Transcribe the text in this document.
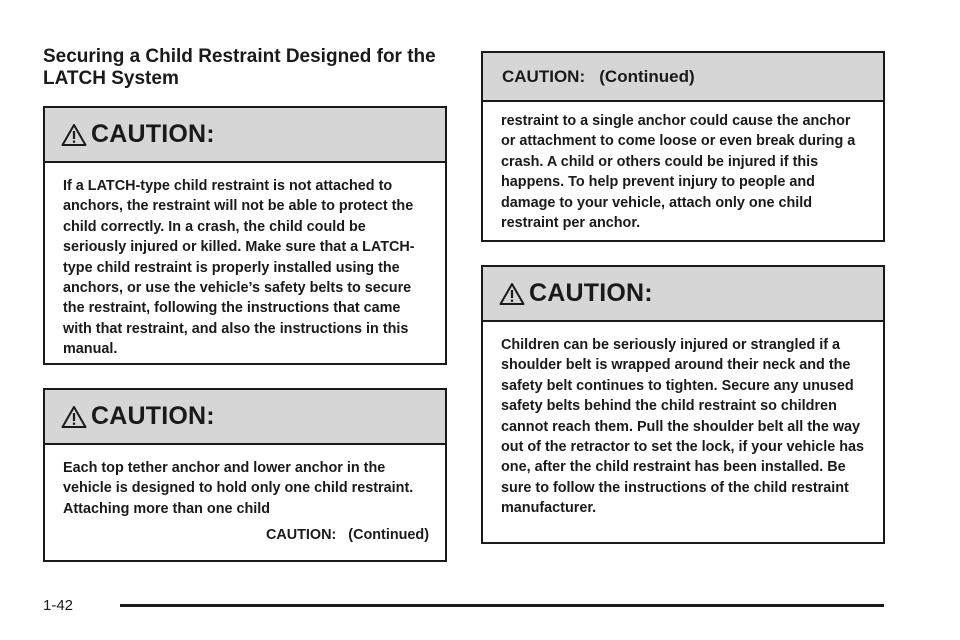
Securing a Child Restraint Designed for the LATCH System
CAUTION:
If a LATCH-type child restraint is not attached to anchors, the restraint will not be able to protect the child correctly. In a crash, the child could be seriously injured or killed. Make sure that a LATCH-type child restraint is properly installed using the anchors, or use the vehicle’s safety belts to secure the restraint, following the instructions that came with that restraint, and also the instructions in this manual.
CAUTION:
Each top tether anchor and lower anchor in the vehicle is designed to hold only one child restraint. Attaching more than one child
CAUTION:   (Continued)
CAUTION:   (Continued)
restraint to a single anchor could cause the anchor or attachment to come loose or even break during a crash. A child or others could be injured if this happens. To help prevent injury to people and damage to your vehicle, attach only one child restraint per anchor.
CAUTION:
Children can be seriously injured or strangled if a shoulder belt is wrapped around their neck and the safety belt continues to tighten. Secure any unused safety belts behind the child restraint so children cannot reach them. Pull the shoulder belt all the way out of the retractor to set the lock, if your vehicle has one, after the child restraint has been installed. Be sure to follow the instructions of the child restraint manufacturer.
1-42
